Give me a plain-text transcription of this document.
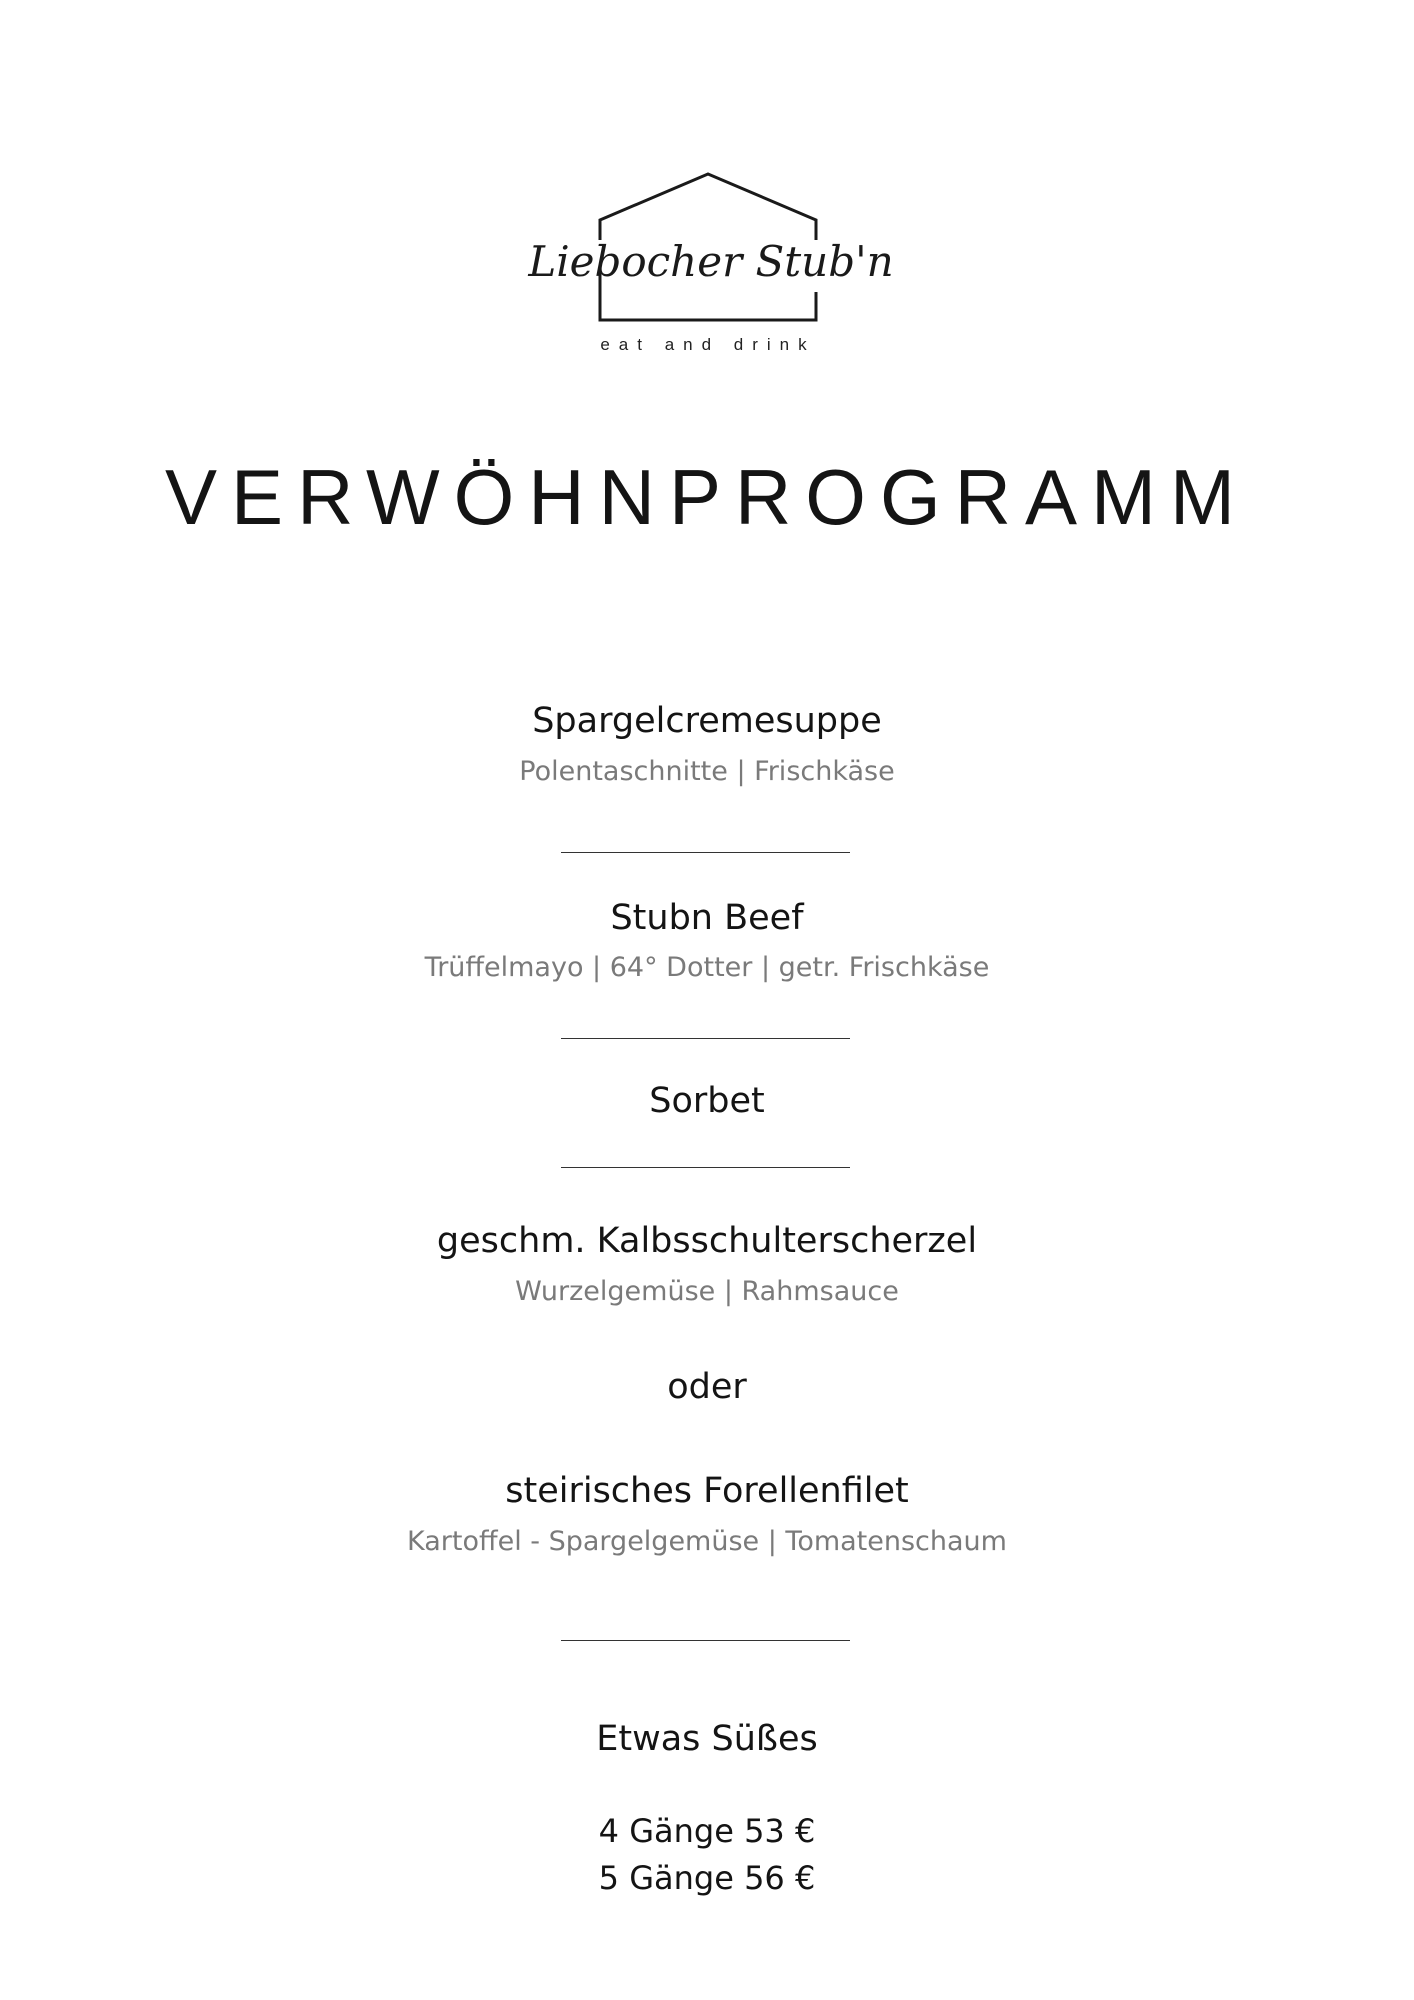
Liebocher Stub'n
eat and drink
VERWÖHNPROGRAMM

Spargelcremesuppe

Polentaschnitte | Frischkäse

Stubn Beef

Trüffelmayo | 64° Dotter | getr. Frischkäse

Sorbet

geschm. Kalbsschulterscherzel

Wurzelgemüse | Rahmsauce

oder

steirisches Forellenfilet

Kartoffel - Spargelgemüse | Tomatenschaum

Etwas Süßes

4 Gänge 53 €

5 Gänge 56 €
